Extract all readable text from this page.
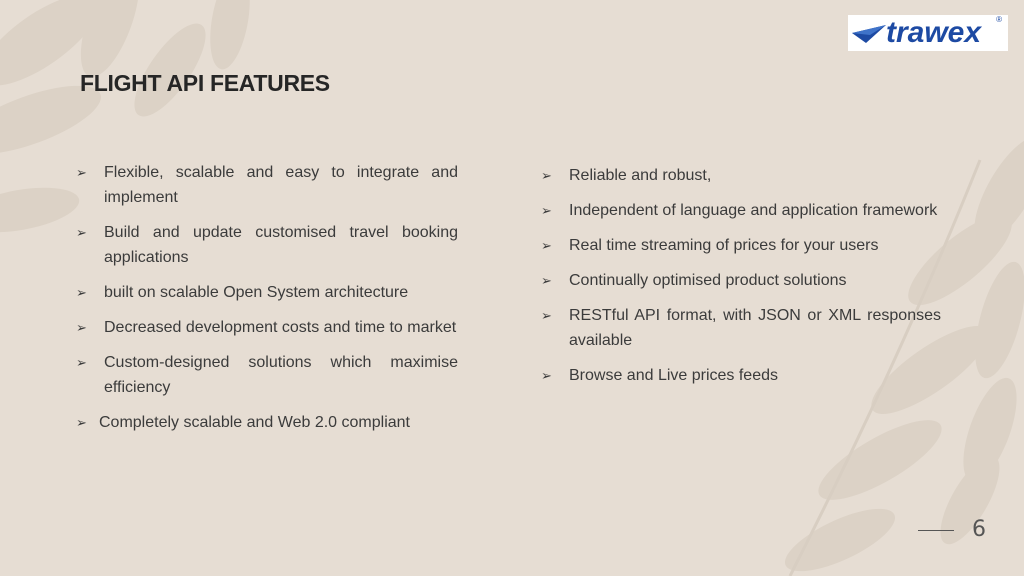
trawex ®
FLIGHT API FEATURES
➢	Flexible, scalable and easy to integrate and implement
➢	Build and update customised travel booking applications
➢	built on scalable Open System architecture
➢	Decreased development costs and time to market
➢	Custom-designed solutions which maximise efficiency
➢ Completely scalable and Web 2.0 compliant
➢	Reliable and robust,
➢	Independent of language and application framework
➢	Real time streaming of prices for your users
➢	Continually optimised product solutions
➢	RESTful API format, with JSON or XML responses available
➢	Browse and Live prices feeds
6
